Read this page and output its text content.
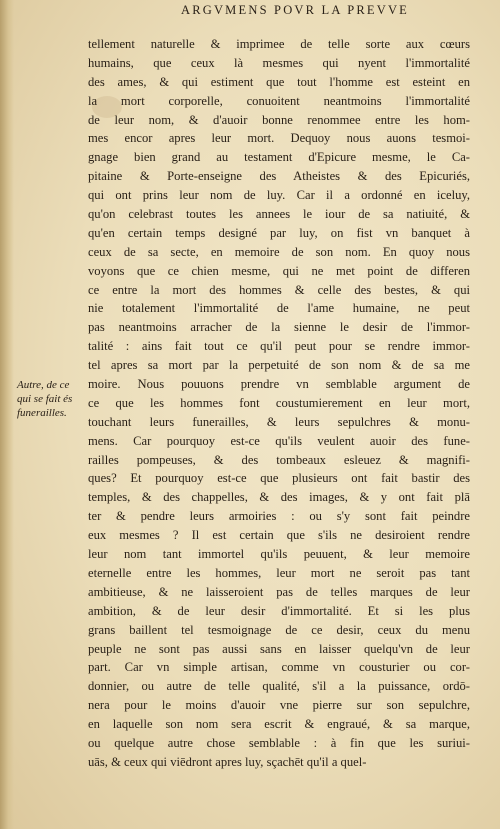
ARGVMENS POVR LA PREVVE
Autre, de ce
qui se fait és
funerailles.
tellement naturelle & imprimee de telle sorte aux cœurs
humains, que ceux là mesmes qui nyent l'immortalité
des ames, & qui estiment que tout l'homme est esteint en
la mort corporelle, conuoitent neantmoins l'immortalité
de leur nom, & d'auoir bonne renommee entre les hom-
mes encor apres leur mort. Dequoy nous auons tesmoi-
gnage bien grand au testament d'Epicure mesme, le Ca-
pitaine & Porte-enseigne des Atheistes & des Epicuriés,
qui ont prins leur nom de luy. Car il a ordonné en iceluy,
qu'on celebrast toutes les annees le iour de sa natiuité, &
qu'en certain temps designé par luy, on fist vn banquet à
ceux de sa secte, en memoire de son nom. En quoy nous
voyons que ce chien mesme, qui ne met point de differen
ce entre la mort des hommes & celle des bestes, & qui
nie totalement l'immortalité de l'ame humaine, ne peut
pas neantmoins arracher de la sienne le desir de l'immor-
talité : ains fait tout ce qu'il peut pour se rendre immor-
tel apres sa mort par la perpetuité de son nom & de sa me
moire. Nous pouuons prendre vn semblable argument de
ce que les hommes font coustumierement en leur mort,
touchant leurs funerailles, & leurs sepulchres & monu-
mens. Car pourquoy est-ce qu'ils veulent auoir des fune-
railles pompeuses, & des tombeaux esleuez & magnifi-
ques? Et pourquoy est-ce que plusieurs ont fait bastir des
temples, & des chappelles, & des images, & y ont fait plā
ter & pendre leurs armoiries : ou s'y sont fait peindre
eux mesmes ? Il est certain que s'ils ne desiroient rendre
leur nom tant immortel qu'ils peuuent, & leur memoire
eternelle entre les hommes, leur mort ne seroit pas tant
ambitieuse, & ne laisseroient pas de telles marques de leur
ambition, & de leur desir d'immortalité. Et si les plus
grans baillent tel tesmoignage de ce desir, ceux du menu
peuple ne sont pas aussi sans en laisser quelqu'vn de leur
part. Car vn simple artisan, comme vn cousturier ou cor-
donnier, ou autre de telle qualité, s'il a la puissance, ordō-
nera pour le moins d'auoir vne pierre sur son sepulchre,
en laquelle son nom sera escrit & engraué, & sa marque,
ou quelque autre chose semblable : à fin que les suriui-
uās, & ceux qui viēdront apres luy, sçachēt qu'il a quel-
